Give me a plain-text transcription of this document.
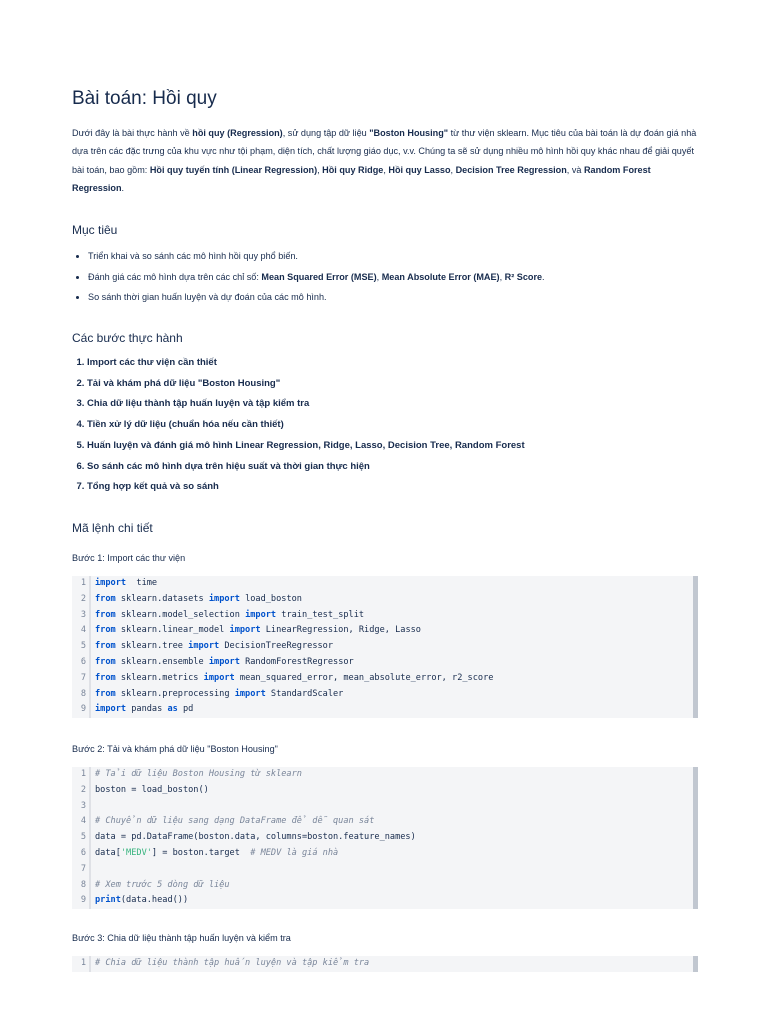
Bài toán: Hồi quy

Dưới đây là bài thực hành về hồi quy (Regression), sử dụng tập dữ liệu "Boston Housing" từ thư viện sklearn. Mục tiêu của bài toán là dự đoán giá nhà dựa trên các đặc trưng của khu vực như tội phạm, diện tích, chất lượng giáo dục, v.v. Chúng ta sẽ sử dụng nhiều mô hình hồi quy khác nhau để giải quyết bài toán, bao gồm: Hồi quy tuyến tính (Linear Regression), Hồi quy Ridge, Hồi quy Lasso, Decision Tree Regression, và Random Forest Regression.

Mục tiêu
• Triển khai và so sánh các mô hình hồi quy phổ biến.
• Đánh giá các mô hình dựa trên các chỉ số: Mean Squared Error (MSE), Mean Absolute Error (MAE), R² Score.
• So sánh thời gian huấn luyện và dự đoán của các mô hình.
Các bước thực hành
1. Import các thư viện cần thiết
2. Tải và khám phá dữ liệu "Boston Housing"
3. Chia dữ liệu thành tập huấn luyện và tập kiểm tra
4. Tiền xử lý dữ liệu (chuẩn hóa nếu cần thiết)
5. Huấn luyện và đánh giá mô hình Linear Regression, Ridge, Lasso, Decision Tree, Random Forest
6. So sánh các mô hình dựa trên hiệu suất và thời gian thực hiện
7. Tổng hợp kết quả và so sánh
Mã lệnh chi tiết

Bước 1: Import các thư viện

1	import  time
2	from sklearn.datasets import load_boston
3	from sklearn.model_selection import train_test_split
4	from sklearn.linear_model import LinearRegression, Ridge, Lasso
5	from sklearn.tree import DecisionTreeRegressor
6	from sklearn.ensemble import RandomForestRegressor
7	from sklearn.metrics import mean_squared_error, mean_absolute_error, r2_score
8	from sklearn.preprocessing import StandardScaler
9	import pandas as pd

Bước 2: Tải và khám phá dữ liệu "Boston Housing"

1	# Tải dữ liệu Boston Housing từ sklearn
2	boston = load_boston()
3
4	# Chuyển dữ liệu sang dạng DataFrame để dễ quan sát
5	data = pd.DataFrame(boston.data, columns=boston.feature_names)
6	data['MEDV'] = boston.target  # MEDV là giá nhà
7
8	# Xem trước 5 dòng dữ liệu
9	print(data.head())

Bước 3: Chia dữ liệu thành tập huấn luyện và kiểm tra

1	# Chia dữ liệu thành tập huấn luyện và tập kiểm tra
